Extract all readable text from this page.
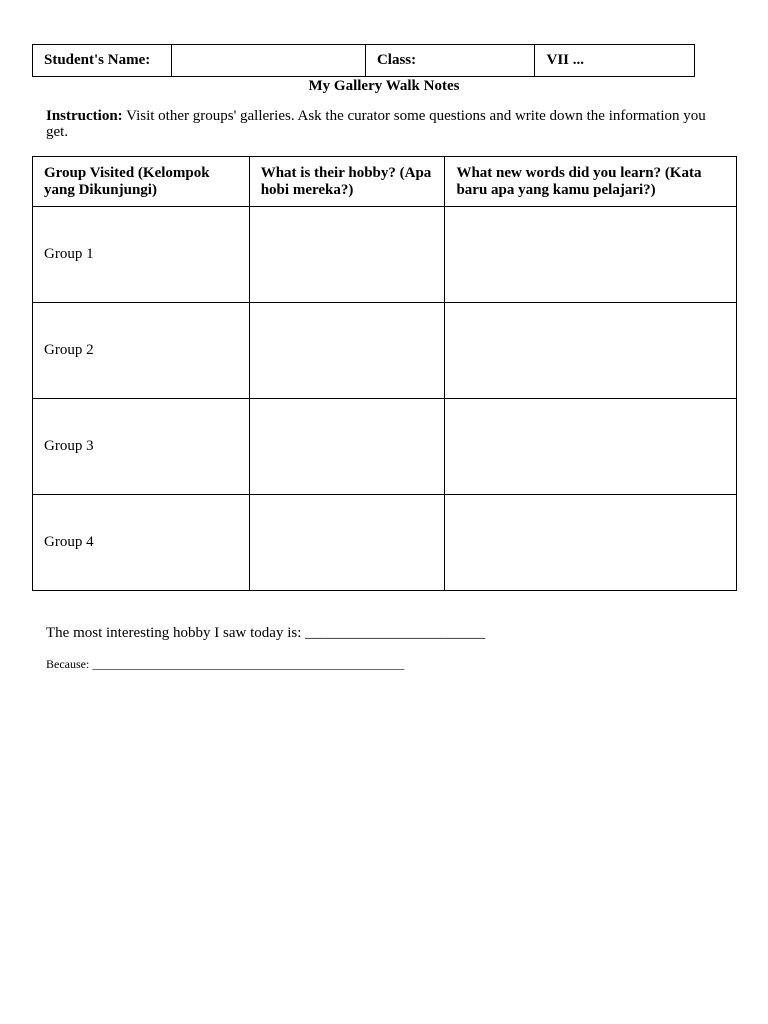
Student's Name:		Class:	VII ...
My Gallery Walk Notes
Instruction: Visit other groups' galleries. Ask the curator some questions and write down the information you get.
Group Visited (Kelompok yang Dikunjungi)	What is their hobby? (Apa hobi mereka?)	What new words did you learn? (Kata baru apa yang kamu pelajari?)
Group 1		
Group 2		
Group 3		
Group 4		
The most interesting hobby I saw today is: ________________________
Because: ____________________________________________________
